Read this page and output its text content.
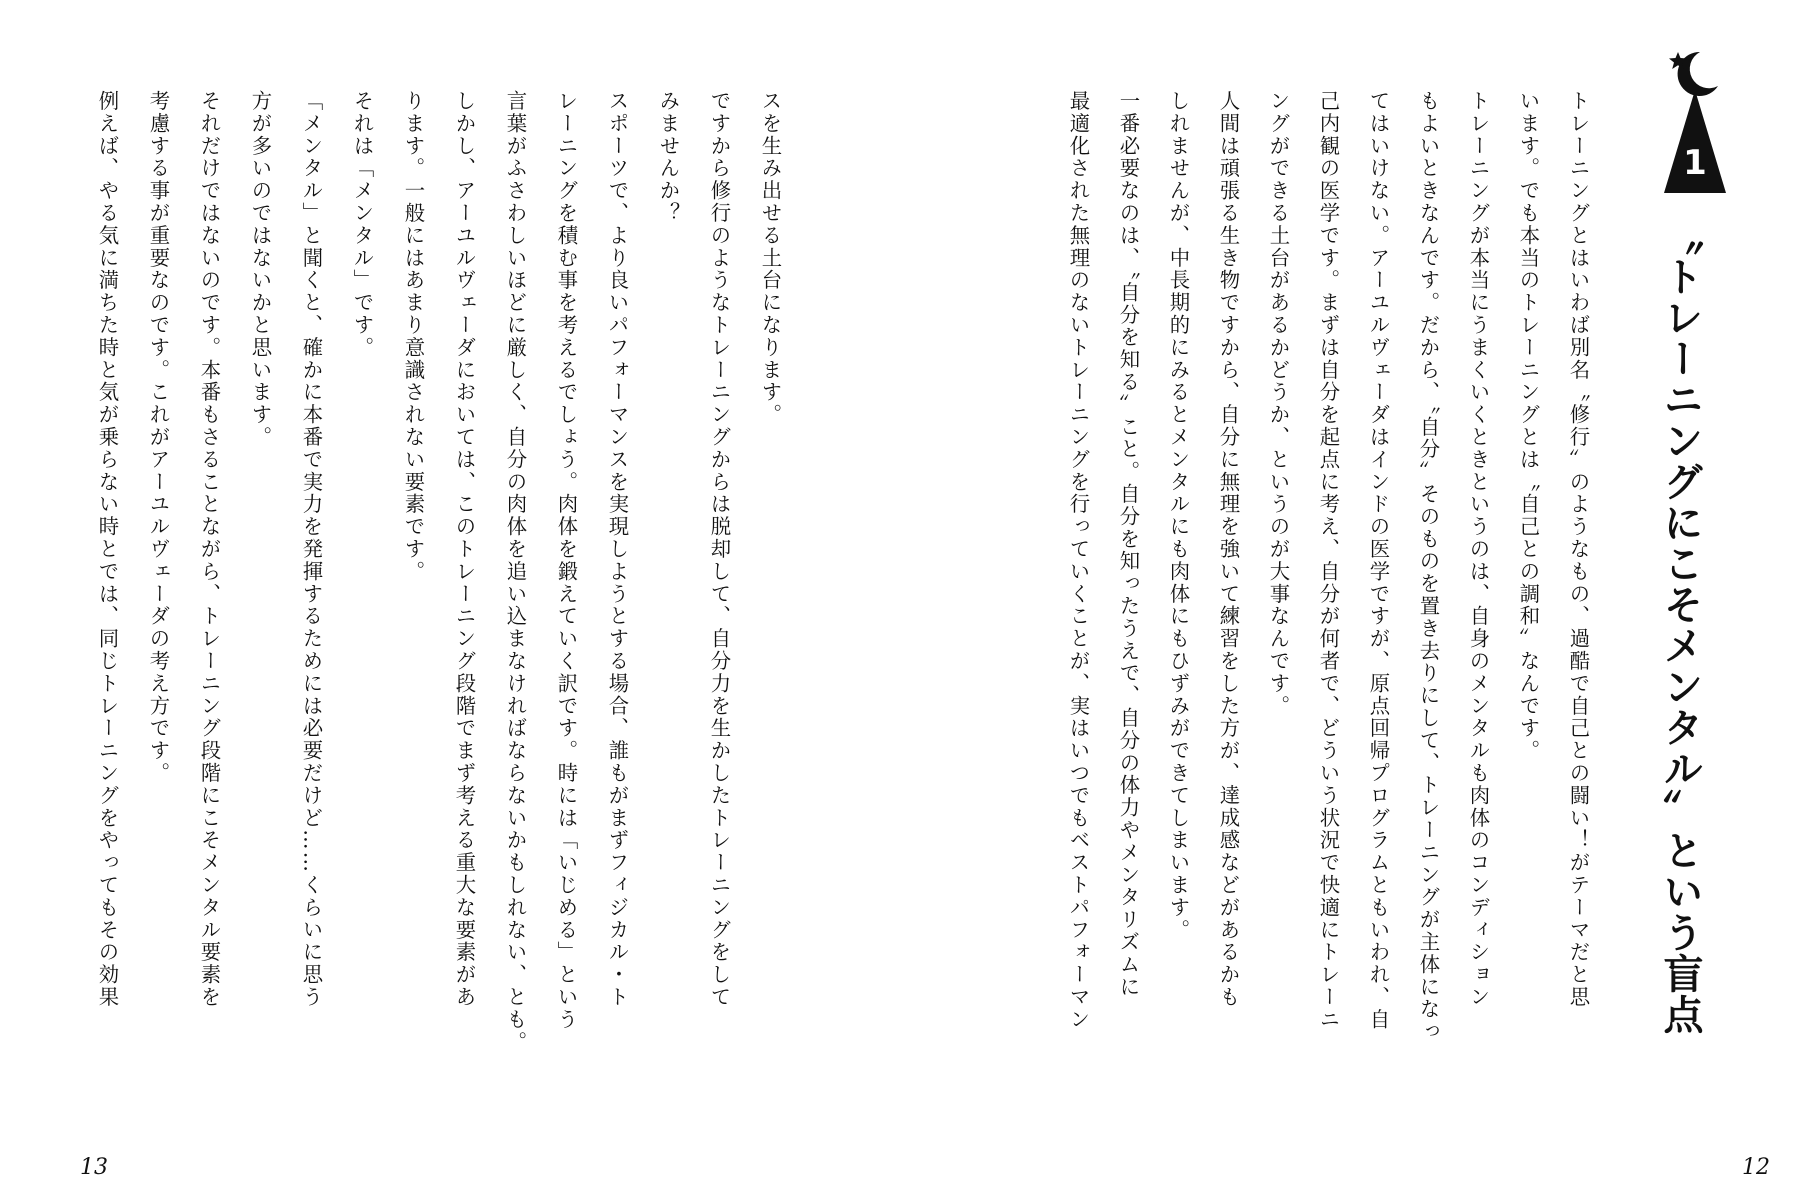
スを生み出せる土台になります。
ですから修行のようなトレーニングからは脱却して、自分力を生かしたトレーニングをして
みませんか？
スポーツで、より良いパフォーマンスを実現しようとする場合、誰もがまずフィジカル・ト
レーニングを積む事を考えるでしょう。肉体を鍛えていく訳です。時には「いじめる」という
言葉がふさわしいほどに厳しく、自分の肉体を追い込まなければならないかもしれない、とも。
しかし、アーユルヴェーダにおいては、このトレーニング段階でまず考える重大な要素があ
ります。一般にはあまり意識されない要素です。
それは「メンタル」です。
「メンタル」と聞くと、確かに本番で実力を発揮するためには必要だけど……くらいに思う
方が多いのではないかと思います。
それだけではないのです。本番もさることながら、トレーニング段階にこそメンタル要素を
考慮する事が重要なのです。これがアーユルヴェーダの考え方です。
例えば、やる気に満ちた時と気が乗らない時とでは、同じトレーニングをやってもその効果
13
1
〝トレーニングにこそメンタル〟という盲点
トレーニングとはいわば別名〝修行〟のようなもの、過酷で自己との闘い！がテーマだと思
います。でも本当のトレーニングとは〝自己との調和〟なんです。
トレーニングが本当にうまくいくときというのは、自身のメンタルも肉体のコンディション
もよいときなんです。だから、〝自分〟そのものを置き去りにして、トレーニングが主体になっ
てはいけない。アーユルヴェーダはインドの医学ですが、原点回帰プログラムともいわれ、自
己内観の医学です。まずは自分を起点に考え、自分が何者で、どういう状況で快適にトレーニ
ングができる土台があるかどうか、というのが大事なんです。
人間は頑張る生き物ですから、自分に無理を強いて練習をした方が、達成感などがあるかも
しれませんが、中長期的にみるとメンタルにも肉体にもひずみができてしまいます。
一番必要なのは、〝自分を知る〟こと。自分を知ったうえで、自分の体力やメンタリズムに
最適化された無理のないトレーニングを行っていくことが、実はいつでもベストパフォーマン
12
